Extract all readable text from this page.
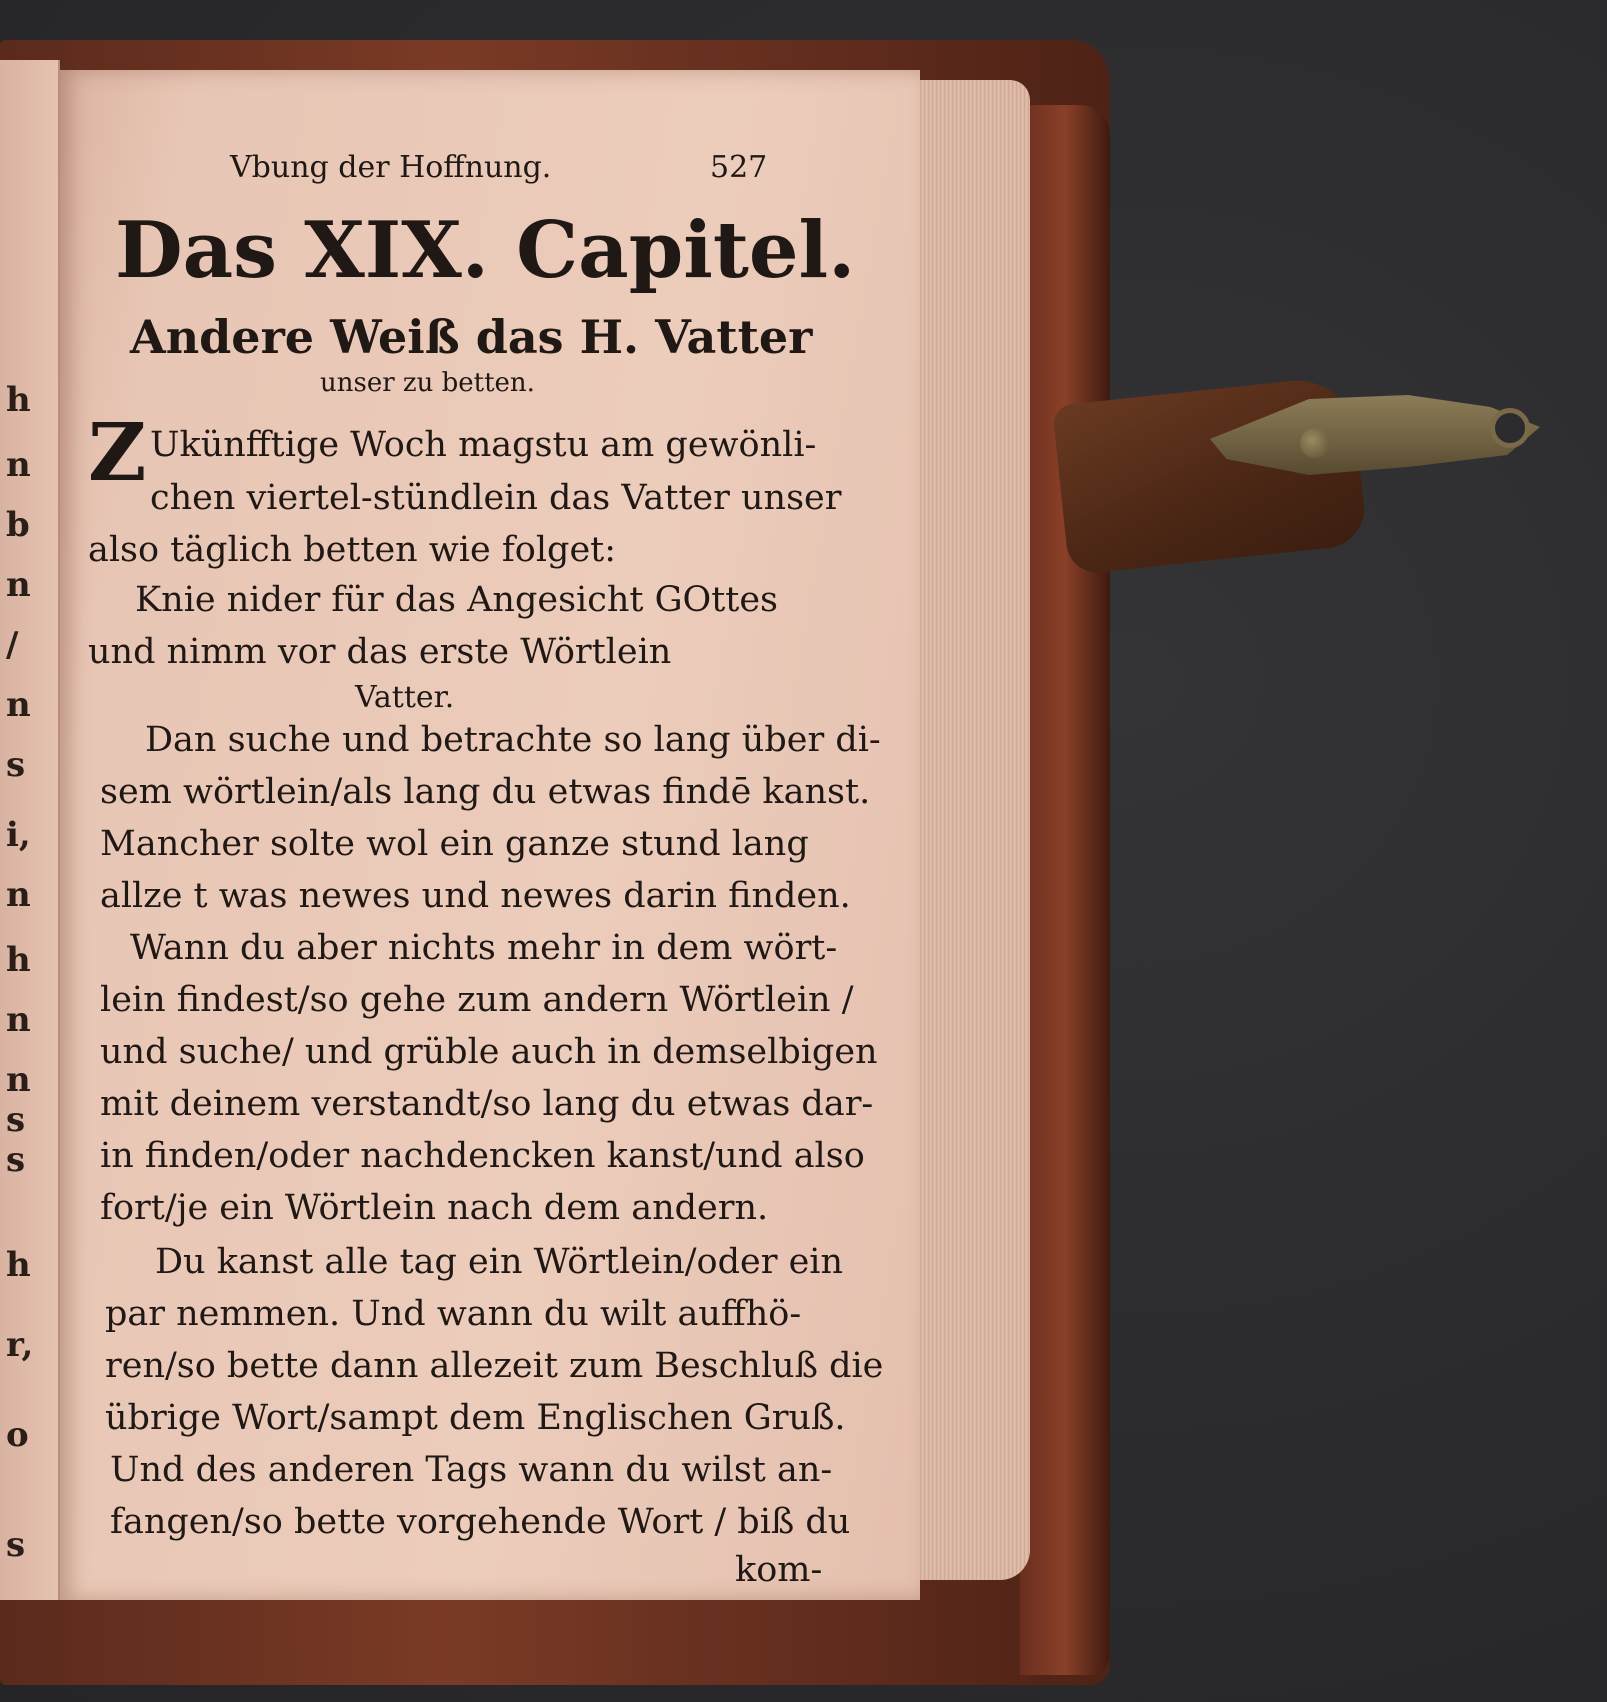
h
n
b
n
/
n
s
i,
n
h
n
n
s
s
h
r,
o
s
Vbung der Hoffnung.	527
Das XIX. Capitel.
Andere Weiß das H. Vatter
unser zu betten.
Z Ukünfftige Woch magstu am gewönli-
chen viertel-stündlein das Vatter unser
also täglich betten wie folget:
Knie nider für das Angesicht GOttes
und nimm vor das erste Wörtlein
Vatter.
Dan suche und betrachte so lang über di-
sem wörtlein/als lang du etwas findē kanst.
Mancher solte wol ein ganze stund lang
allze t was newes und newes darin finden.
Wann du aber nichts mehr in dem wört-
lein findest/so gehe zum andern Wörtlein /
und suche/ und grüble auch in demselbigen
mit deinem verstandt/so lang du etwas dar-
in finden/oder nachdencken kanst/und also
fort/je ein Wörtlein nach dem andern.
Du kanst alle tag ein Wörtlein/oder ein
par nemmen. Und wann du wilt auffhö-
ren/so bette dann allezeit zum Beschluß die
übrige Wort/sampt dem Englischen Gruß.
Und des anderen Tags wann du wilst an-
fangen/so bette vorgehende Wort / biß du
kom-
